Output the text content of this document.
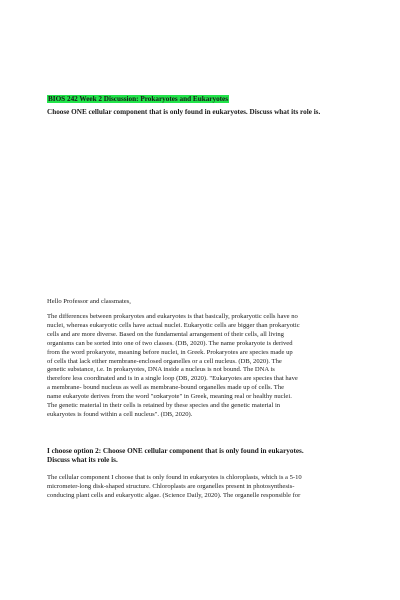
BIOS 242 Week 2 Discussion: Prokaryotes and Eukaryotes
Choose ONE cellular component that is only found in eukaryotes. Discuss what its role is.
Hello Professor and classmates,
The differences between prokaryotes and eukaryotes is that basically, prokaryotic cells have no
nuclei, whereas eukaryotic cells have actual nuclei. Eukaryotic cells are bigger than prokaryotic
cells and are more diverse. Based on the fundamental arrangement of their cells, all living
organisms can be sorted into one of two classes. (DB, 2020). The name prokaryote is derived
from the word prokaryote, meaning before nuclei, in Greek. Prokaryotes are species made up
of cells that lack either membrane-enclosed organelles or a cell nucleus. (DB, 2020). The
genetic substance, i.e. In prokaryotes, DNA inside a nucleus is not bound. The DNA is
therefore less coordinated and is in a single loop (DB, 2020). "Eukaryotes are species that have
a membrane- bound nucleus as well as membrane-bound organelles made up of cells. The
name eukaryote derives from the word "ɛʊkaryote" in Greek, meaning real or healthy nuclei.
The genetic material in their cells is retained by these species and the genetic material in
eukaryotes is found within a cell nucleus". (DB, 2020).
I choose option 2: Choose ONE cellular component that is only found in eukaryotes.
Discuss what its role is.
The cellular component I choose that is only found in eukaryotes is chloroplasts, which is a 5-10
micrometer-long disk-shaped structure. Chloroplasts are organelles present in photosynthesis-
conducing plant cells and eukaryotic algae. (Science Daily, 2020). The organelle responsible for
